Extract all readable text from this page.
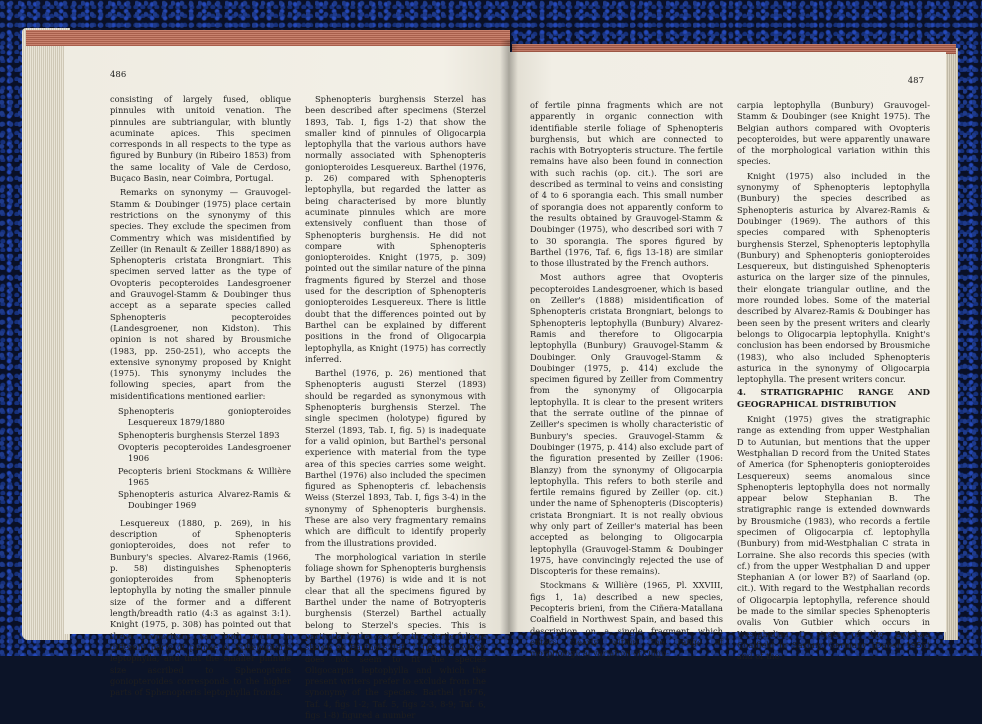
486

consisting of largely fused, oblique pinnules with unitoid venation. The pinnules are subtriangular, with bluntly acuminate apices. This specimen corresponds in all respects to the type as figured by Bunbury (in Ribeiro 1853) from the same locality of Vale de Cerdoso, Buçaco Basin, near Coimbra, Portugal.

Remarks on synonymy — Grauvogel-Stamm & Doubinger (1975) place certain restrictions on the synonymy of this species. They exclude the specimen from Commentry which was misidentified by Zeiller (in Renault & Zeiller 1888/1890) as Sphenopteris cristata Brongniart. This specimen served latter as the type of Ovopteris pecopteroides Landesgroener and Grauvogel-Stamm & Doubinger thus accept as a separate species called Sphenopteris pecopteroides (Landesgroener, non Kidston). This opinion is not shared by Brousmiche (1983, pp. 250-251), who accepts the extensive synonymy proposed by Knight (1975). This synonymy includes the following species, apart from the misidentifications mentioned earlier:

Sphenopteris goniopteroides Lesquereux 1879/1880
Sphenopteris burghensis Sterzel 1893
Ovopteris pecopteroides Landesgroener 1906
Pecopteris brieni Stockmans & Willière 1965
Sphenopteris asturica Alvarez-Ramis & Doubinger 1969

Lesquereux (1880, p. 269), in his description of Sphenopteris goniopteroides, does not refer to Bunbury's species. Alvarez-Ramis (1966, p. 58) distinguishes Sphenopteris goniopteroides from Sphenopteris leptophylla by noting the smaller pinnule size of the former and a different length/breadth ratio (4:3 as against 3:1). Knight (1975, p. 308) has pointed out that these proportions can both occur in different parts of pinnae of Sphenopteris leptophylla, and that the smaller pinnule size ascribed to Sphenopteris goniopteroides corresponds to the higher parts of Sphenopteris leptophylla fronds.

Sphenopteris burghensis Sterzel has been described after specimens (Sterzel 1893, Tab. I, figs 1-2) that show the smaller kind of pinnules of Oligocarpia leptophylla that the various authors have normally associated with Sphenopteris goniopteroides Lesquereux. Barthel (1976, p. 26) compared with Sphenopteris leptophylla, but regarded the latter as being characterised by more bluntly acuminate pinnules which are more extensively confluent than those of Sphenopteris burghensis. He did not compare with Sphenopteris goniopteroides. Knight (1975, p. 309) pointed out the similar nature of the pinna fragments figured by Sterzel and those used for the description of Sphenopteris goniopteroides Lesquereux. There is little doubt that the differences pointed out by Barthel can be explained by different positions in the frond of Oligocarpia leptophylla, as Knight (1975) has correctly inferred.

Barthel (1976, p. 26) mentioned that Sphenopteris augusti Sterzel (1893) should be regarded as synonymous with Sphenopteris burghensis Sterzel. The single specimen (holotype) figured by Sterzel (1893, Tab. I, fig. 5) is inadequate for a valid opinion, but Barthel's personal experience with material from the type area of this species carries some weight. Barthel (1976) also included the specimen figured as Sphenopteris cf. lebachensis Weiss (Sterzel 1893, Tab. I, figs 3-4) in the synonymy of Sphenopteris burghensis. These are also very fragmentary remains which are difficult to identify properly from the illustrations provided.

The morphological variation in sterile foliage shown for Sphenopteris burghensis by Barthel (1976) is wide and it is not clear that all the specimens figured by Barthel under the name of Botryopteris burghensis (Sterzel) Barthel actually belong to Sterzel's species. This is particularly the case for the sterile foliage shown on Barthel's Taf. 7, figs 1-4, which does not seem to fit the species Oligocarpia leptophylla and which the present writers prefer to exclude from the synonymy of the species. Barthel (1976, Taf. 4, figs 1-2; Taf. 5, figs 2-3, 8-9; Taf. 6, figs 1-8) figured a number

487

of fertile pinna fragments which are not apparently in organic connection with identifiable sterile foliage of Sphenopteris burghensis, but which are connected to rachis with Botryopteris structure. The fertile remains have also been found in connection with such rachis (op. cit.). The sori are described as terminal to veins and consisting of 4 to 6 sporangia each. This small number of sporangia does not apparently conform to the results obtained by Grauvogel-Stamm & Doubinger (1975), who described sori with 7 to 30 sporangia. The spores figured by Barthel (1976, Taf. 6, figs 13-18) are similar to those illustrated by the French authors.

Most authors agree that Ovopteris pecopteroides Landesgroener, which is based on Zeiller's (1888) misidentification of Sphenopteris cristata Brongniart, belongs to Sphenopteris leptophylla (Bunbury) Alvarez-Ramis and therefore to Oligocarpia leptophylla (Bunbury) Grauvogel-Stamm & Doubinger. Only Grauvogel-Stamm & Doubinger (1975, p. 414) exclude the specimen figured by Zeiller from Commentry from the synonymy of Oligocarpia leptophylla. It is clear to the present writers that the serrate outline of the pinnae of Zeiller's specimen is wholly characteristic of Bunbury's species. Grauvogel-Stamm & Doubinger (1975, p. 414) also exclude part of the figuration presented by Zeiller (1906: Blanzy) from the synonymy of Oligocarpia leptophylla. This refers to both sterile and fertile remains figured by Zeiller (op. cit.) under the name of Sphenopteris (Discopteris) cristata Brongniart. It is not really obvious why only part of Zeiller's material has been accepted as belonging to Oligocarpia leptophylla (Grauvogel-Stamm & Doubinger 1975, have convincingly rejected the use of Discopteris for these remains).

Stockmans & Willière (1965, Pl. XXVIII, figs 1, 1a) described a new species, Pecopteris brieni, from the Ciñera-Matallana Coalfield in Northwest Spain, and based this description on a single fragment which enters clearly within the range of morphological variation of Oligo-

carpia leptophylla (Bunbury) Grauvogel-Stamm & Doubinger (see Knight 1975). The Belgian authors compared with Ovopteris pecopteroides, but were apparently unaware of the morphological variation within this species.

Knight (1975) also included in the synonymy of Sphenopteris leptophylla (Bunbury) the species described as Sphenopteris asturica by Alvarez-Ramis & Doubinger (1969). The authors of this species compared with Sphenopteris burghensis Sterzel, Sphenopteris leptophylla (Bunbury) and Sphenopteris goniopteroides Lesquereux, but distinguished Sphenopteris asturica on the larger size of the pinnules, their elongate triangular outline, and the more rounded lobes. Some of the material described by Alvarez-Ramis & Doubinger has been seen by the present writers and clearly belongs to Oligocarpia leptophylla. Knight's conclusion has been endorsed by Brousmiche (1983), who also included Sphenopteris asturica in the synonymy of Oligocarpia leptophylla. The present writers concur.

4. STRATIGRAPHIC RANGE AND GEOGRAPHICAL DISTRIBUTION

Knight (1975) gives the stratigraphic range as extending from upper Westphalian D to Autunian, but mentions that the upper Westphalian D record from the United States of America (for Sphenopteris goniopteroides Lesquereux) seems anomalous since Sphenopteris leptophylla does not normally appear below Stephanian B. The stratigraphic range is extended downwards by Brousmiche (1983), who records a fertile specimen of Oligocarpia cf. leptophylla (Bunbury) from mid-Westphalian C strata in Lorraine. She also records this species (with cf.) from the upper Westphalian D and upper Stephanian A (or lower B?) of Saarland (op. cit.). With regard to the Westphalian records of Oligocarpia leptophylla, reference should be made to the similar species Sphenopteris ovalis Von Gutbier which occurs in Westphalian D strata of the Zwickau Coalfield in Saxony, Germany (Daber 1955) and of the
